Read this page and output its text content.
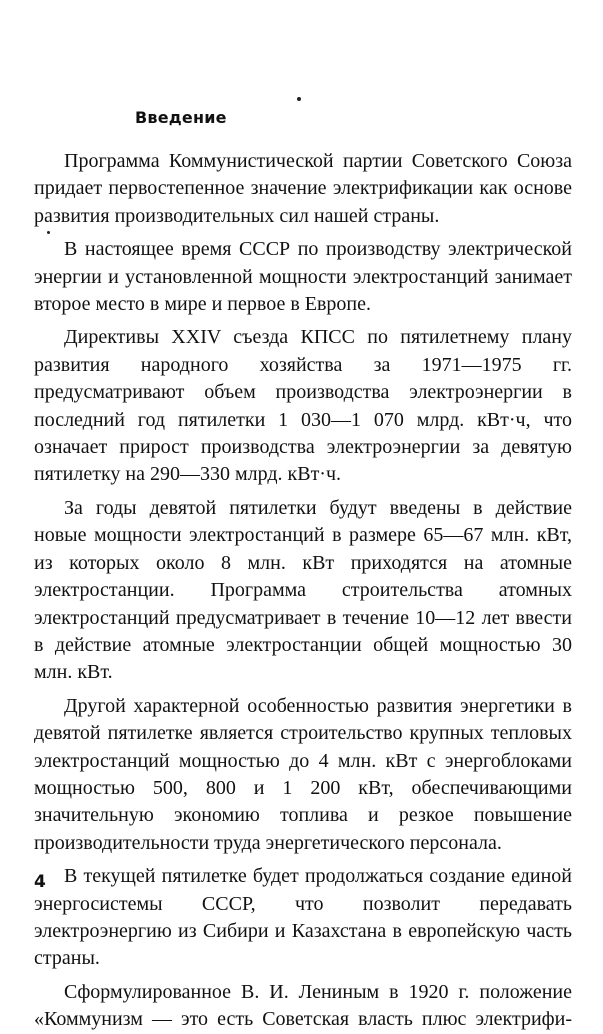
Введение

Программа Коммунистической партии Советского Союза придает первостепенное значение электрификации как основе развития производительных сил нашей страны.

В настоящее время СССР по производству электрической энергии и установленной мощности электростанций занимает второе место в мире и первое в Европе.

Директивы XXIV съезда КПСС по пятилетнему плану развития народного хозяйства за 1971—1975 гг. предусматривают объем производства электроэнергии в последний год пятилетки 1 030—1 070 млрд. кВт·ч, что означает прирост производства электроэнергии за девятую пятилетку на 290—330 млрд. кВт·ч.

За годы девятой пятилетки будут введены в действие новые мощности электростанций в размере 65—67 млн. кВт, из которых около 8 млн. кВт приходятся на атомные электростанции. Программа строительства атомных электростанций предусматривает в течение 10—12 лет ввести в действие атомные электростанции общей мощностью 30 млн. кВт.

Другой характерной особенностью развития энергетики в девятой пятилетке является строительство крупных тепловых электростанций мощностью до 4 млн. кВт с энергоблоками мощностью 500, 800 и 1 200 кВт, обеспечивающими значительную экономию топлива и резкое повышение производительности труда энергетического персонала.

В текущей пятилетке будет продолжаться создание единой энергосистемы СССР, что позволит передавать электроэнергию из Сибири и Казахстана в европейскую часть страны.

Сформулированное В. И. Лениным в 1920 г. положение «Коммунизм — это есть Советская власть плюс электрифи-

4
